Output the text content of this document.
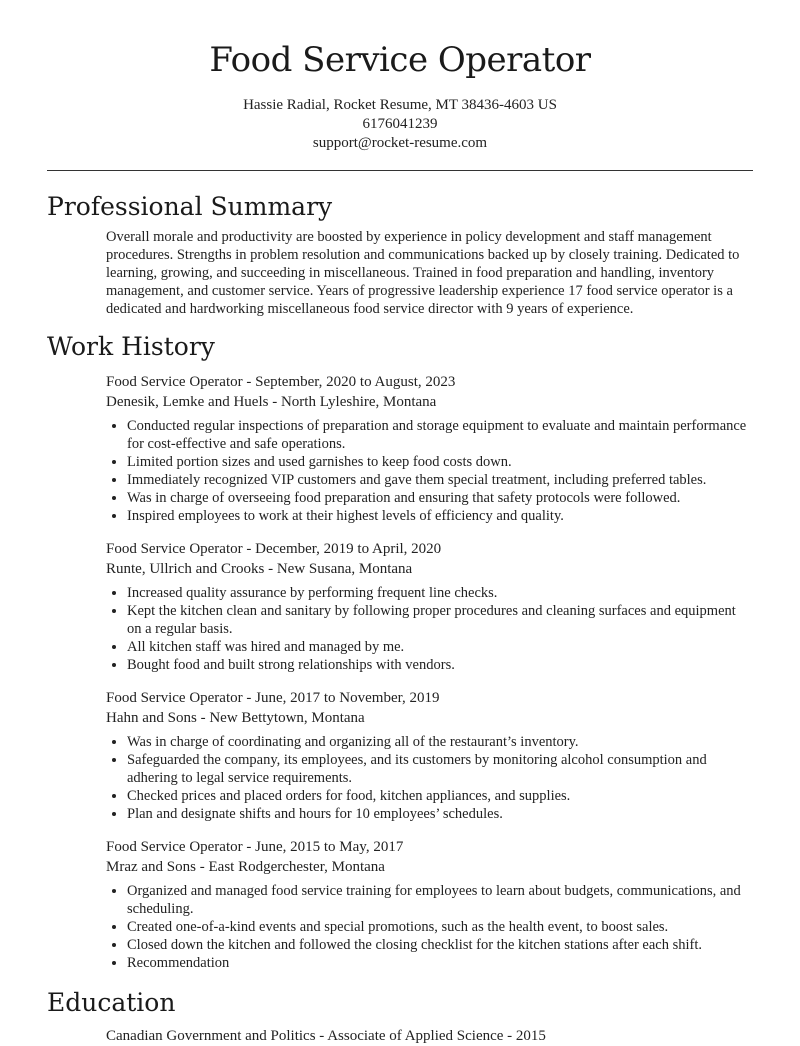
Food Service Operator
Hassie Radial, Rocket Resume, MT 38436-4603 US
6176041239
support@rocket-resume.com
Professional Summary
Overall morale and productivity are boosted by experience in policy development and staff management procedures. Strengths in problem resolution and communications backed up by closely training. Dedicated to learning, growing, and succeeding in miscellaneous. Trained in food preparation and handling, inventory management, and customer service. Years of progressive leadership experience 17 food service operator is a dedicated and hardworking miscellaneous food service director with 9 years of experience.
Work History
Food Service Operator - September, 2020 to August, 2023
Denesik, Lemke and Huels - North Lyleshire, Montana
• Conducted regular inspections of preparation and storage equipment to evaluate and maintain performance for cost-effective and safe operations.
• Limited portion sizes and used garnishes to keep food costs down.
• Immediately recognized VIP customers and gave them special treatment, including preferred tables.
• Was in charge of overseeing food preparation and ensuring that safety protocols were followed.
• Inspired employees to work at their highest levels of efficiency and quality.
Food Service Operator - December, 2019 to April, 2020
Runte, Ullrich and Crooks - New Susana, Montana
• Increased quality assurance by performing frequent line checks.
• Kept the kitchen clean and sanitary by following proper procedures and cleaning surfaces and equipment on a regular basis.
• All kitchen staff was hired and managed by me.
• Bought food and built strong relationships with vendors.
Food Service Operator - June, 2017 to November, 2019
Hahn and Sons - New Bettytown, Montana
• Was in charge of coordinating and organizing all of the restaurant’s inventory.
• Safeguarded the company, its employees, and its customers by monitoring alcohol consumption and adhering to legal service requirements.
• Checked prices and placed orders for food, kitchen appliances, and supplies.
• Plan and designate shifts and hours for 10 employees’ schedules.
Food Service Operator - June, 2015 to May, 2017
Mraz and Sons - East Rodgerchester, Montana
• Organized and managed food service training for employees to learn about budgets, communications, and scheduling.
• Created one-of-a-kind events and special promotions, such as the health event, to boost sales.
• Closed down the kitchen and followed the closing checklist for the kitchen stations after each shift.
• Recommendation
Education
Canadian Government and Politics - Associate of Applied Science - 2015
